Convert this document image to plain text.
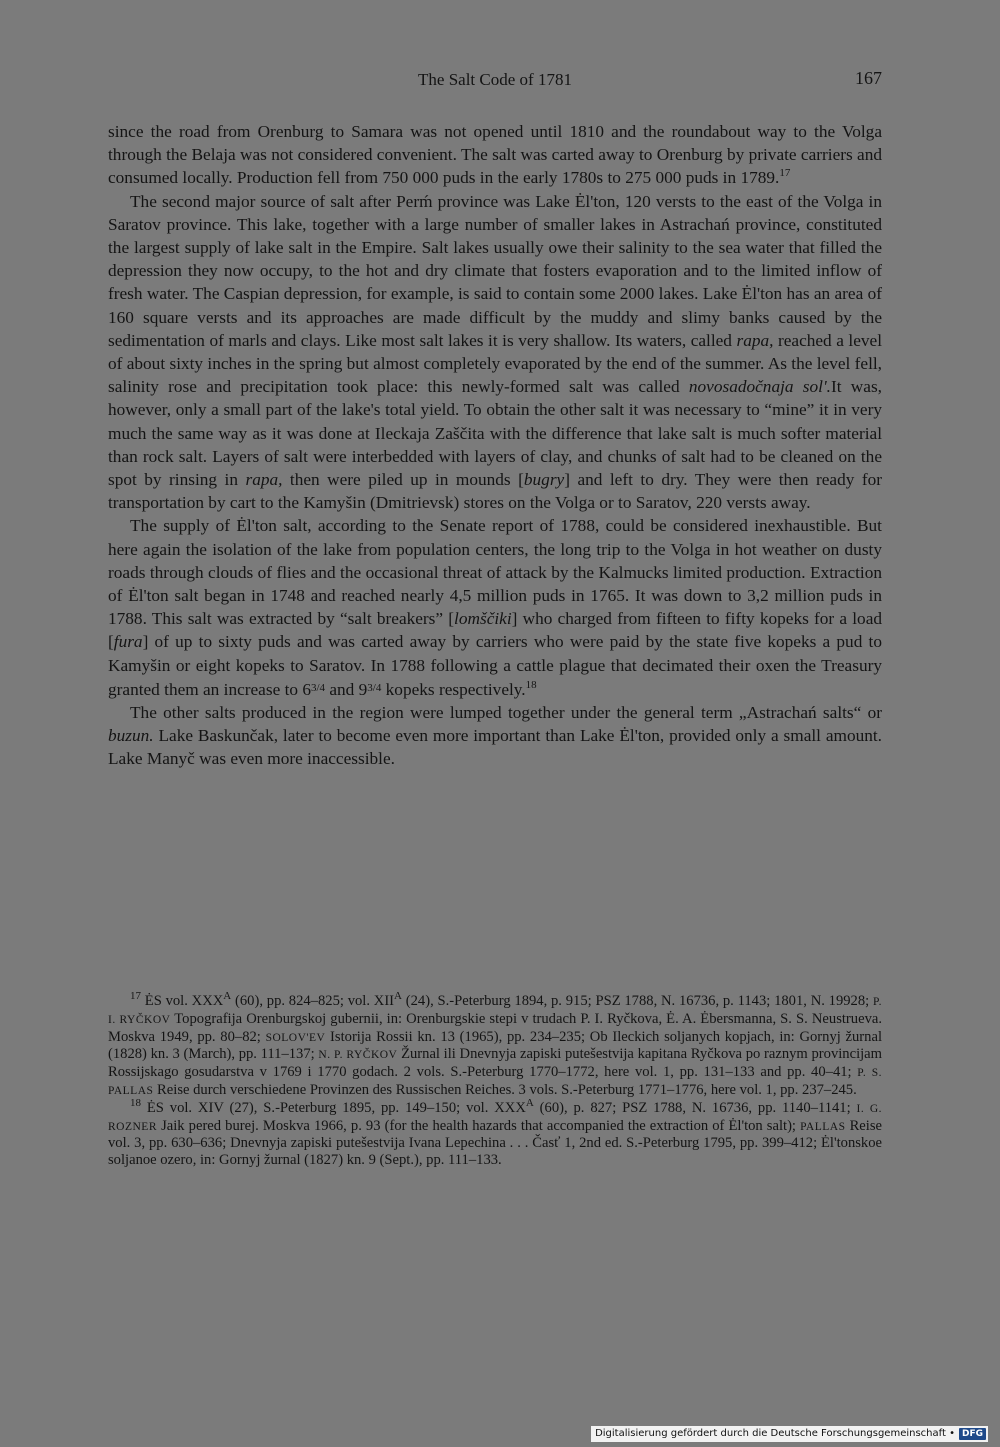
The Salt Code of 1781	167

since the road from Orenburg to Samara was not opened until 1810 and the roundabout way to the Volga through the Belaja was not considered convenient. The salt was carted away to Orenburg by private carriers and consumed locally. Production fell from 750 000 puds in the early 1780s to 275 000 puds in 1789.17

The second major source of salt after Perḿ province was Lake Ėl'ton, 120 versts to the east of the Volga in Saratov province. This lake, together with a large number of smaller lakes in Astrachań province, constituted the largest supply of lake salt in the Empire. Salt lakes usually owe their salinity to the sea water that filled the depression they now occupy, to the hot and dry climate that fosters evaporation and to the limited inflow of fresh water. The Caspian depression, for example, is said to contain some 2000 lakes. Lake Ėl'ton has an area of 160 square versts and its approaches are made difficult by the muddy and slimy banks caused by the sedimentation of marls and clays. Like most salt lakes it is very shallow. Its waters, called rapa, reached a level of about sixty inches in the spring but almost completely evaporated by the end of the summer. As the level fell, salinity rose and precipitation took place: this newly-formed salt was called novosadočnaja sol'.It was, however, only a small part of the lake's total yield. To obtain the other salt it was necessary to “mine” it in very much the same way as it was done at Ileckaja Zaščita with the difference that lake salt is much softer material than rock salt. Layers of salt were interbedded with layers of clay, and chunks of salt had to be cleaned on the spot by rinsing in rapa, then were piled up in mounds [bugry] and left to dry. They were then ready for transportation by cart to the Kamyšin (Dmitrievsk) stores on the Volga or to Saratov, 220 versts away.

The supply of Ėl'ton salt, according to the Senate report of 1788, could be considered inexhaustible. But here again the isolation of the lake from population centers, the long trip to the Volga in hot weather on dusty roads through clouds of flies and the occasional threat of attack by the Kalmucks limited production. Extraction of Ėl'ton salt began in 1748 and reached nearly 4,5 million puds in 1765. It was down to 3,2 million puds in 1788. This salt was extracted by “salt breakers” [lomščiki] who charged from fifteen to fifty kopeks for a load [fura] of up to sixty puds and was carted away by carriers who were paid by the state five kopeks a pud to Kamyšin or eight kopeks to Saratov. In 1788 following a cattle plague that decimated their oxen the Treasury granted them an increase to $6^{3/4}$ and $9^{3/4}$ kopeks respectively.$^{18}$

The other salts produced in the region were lumped together under the general term „Astrachań salts“ or buzun. Lake Baskunčak, later to become even more important than Lake Ėl'ton, provided only a small amount. Lake Manyč was even more inaccessible.

$^{17}$ ĖS vol. $XXX^A$ (60), pp. 824–825; vol. $XII^A$ (24), S.-Peterburg 1894, p. 915; PSZ 1788, N. 16736, p. 1143; 1801, N. 19928; P. I. RYČKOV Topografija Orenburgskoj gubernii, in: Orenburgskie stepi v trudach P. I. Ryčkova, Ė. A. Ėbersmanna, S. S. Neustrueva. Moskva 1949, pp. 80–82; SOLOV'EV Istorija Rossii kn. 13 (1965), pp. 234–235; Ob Ileckich soljanych kopjach, in: Gornyj žurnal (1828) kn. 3 (March), pp. 111–137; N. P. RYČKOV Žurnal ili Dnevnyja zapiski putešestvija kapitana Ryčkova po raznym provincijam Rossijskago gosudarstva v 1769 i 1770 godach. 2 vols. S.-Peterburg 1770–1772, here vol. 1, pp. 131–133 and pp. 40–41; P. S. PALLAS Reise durch verschiedene Provinzen des Russischen Reiches. 3 vols. S.-Peterburg 1771–1776, here vol. 1, pp. 237–245.

$^{18}$ ĖS vol. XIV (27), S.-Peterburg 1895, pp. 149–150; vol. $XXX^A$ (60), p. 827; PSZ 1788, N. 16736, pp. 1140–1141; I. G. ROZNER Jaik pered burej. Moskva 1966, p. 93 (for the health hazards that accompanied the extraction of Ėl'ton salt); PALLAS Reise vol. 3, pp. 630–636; Dnevnyja zapiski putešestvija Ivana Lepechina . . . Časť 1, 2nd ed. S.-Peterburg 1795, pp. 399–412; Ėl'tonskoe soljanoe ozero, in: Gornyj žurnal (1827) kn. 9 (Sept.), pp. 111–133.

Digitalisierung gefördert durch die Deutsche Forschungsgemeinschaft • DFG
